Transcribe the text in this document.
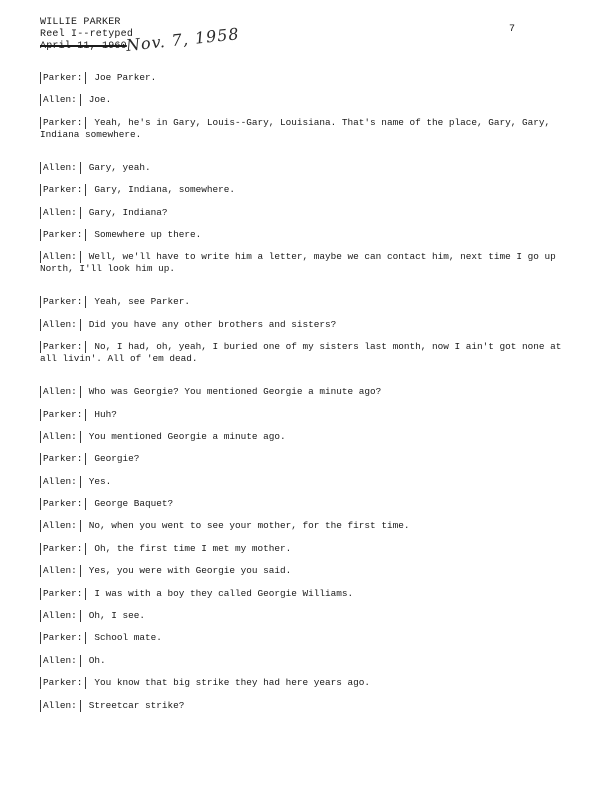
WILLIE PARKER
Reel I--retyped
April 11, 1960
Nov. 7, 1958	7
Parker: Joe Parker.
Allen: Joe.
Parker: Yeah, he's in Gary, Louis--Gary, Louisiana. That's name of the place, Gary, Gary, Indiana somewhere.
Allen: Gary, yeah.
Parker: Gary, Indiana, somewhere.
Allen: Gary, Indiana?
Parker: Somewhere up there.
Allen: Well, we'll have to write him a letter, maybe we can contact him, next time I go up North, I'll look him up.
Parker: Yeah, see Parker.
Allen: Did you have any other brothers and sisters?
Parker: No, I had, oh, yeah, I buried one of my sisters last month, now I ain't got none at all livin'. All of 'em dead.
Allen: Who was Georgie? You mentioned Georgie a minute ago?
Parker: Huh?
Allen: You mentioned Georgie a minute ago.
Parker: Georgie?
Allen: Yes.
Parker: George Baquet?
Allen: No, when you went to see your mother, for the first time.
Parker: Oh, the first time I met my mother.
Allen: Yes, you were with Georgie you said.
Parker: I was with a boy they called Georgie Williams.
Allen: Oh, I see.
Parker: School mate.
Allen: Oh.
Parker: You know that big strike they had here years ago.
Allen: Streetcar strike?
